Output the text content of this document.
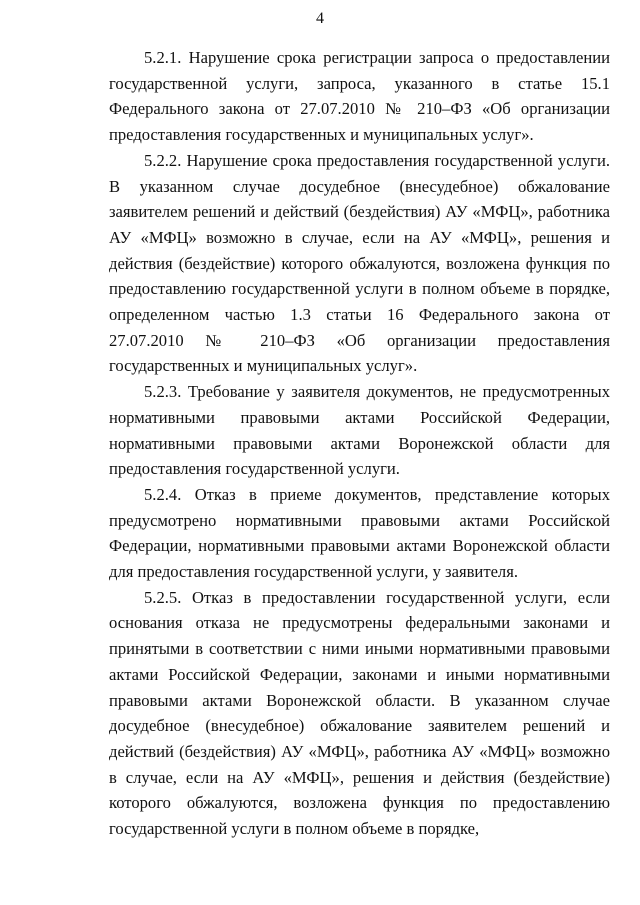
4

5.2.1. Нарушение срока регистрации запроса о предоставлении государственной услуги, запроса, указанного в статье 15.1 Федерального закона от 27.07.2010 № 210–ФЗ «Об организации предоставления государственных и муниципальных услуг».

5.2.2. Нарушение срока предоставления государственной услуги. В указанном случае досудебное (внесудебное) обжалование заявителем решений и действий (бездействия) АУ «МФЦ», работника АУ «МФЦ» возможно в случае, если на АУ «МФЦ», решения и действия (бездействие) которого обжалуются, возложена функция по предоставлению государственной услуги в полном объеме в порядке, определенном частью 1.3 статьи 16 Федерального закона от 27.07.2010 № 210–ФЗ «Об организации предоставления государственных и муниципальных услуг».

5.2.3. Требование у заявителя документов, не предусмотренных нормативными правовыми актами Российской Федерации, нормативными правовыми актами Воронежской области для предоставления государственной услуги.

5.2.4. Отказ в приеме документов, представление которых предусмотрено нормативными правовыми актами Российской Федерации, нормативными правовыми актами Воронежской области для предоставления государственной услуги, у заявителя.

5.2.5. Отказ в предоставлении государственной услуги, если основания отказа не предусмотрены федеральными законами и принятыми в соответствии с ними иными нормативными правовыми актами Российской Федерации, законами и иными нормативными правовыми актами Воронежской области. В указанном случае досудебное (внесудебное) обжалование заявителем решений и действий (бездействия) АУ «МФЦ», работника АУ «МФЦ» возможно в случае, если на АУ «МФЦ», решения и действия (бездействие) которого обжалуются, возложена функция по предоставлению государственной услуги в полном объеме в порядке,
